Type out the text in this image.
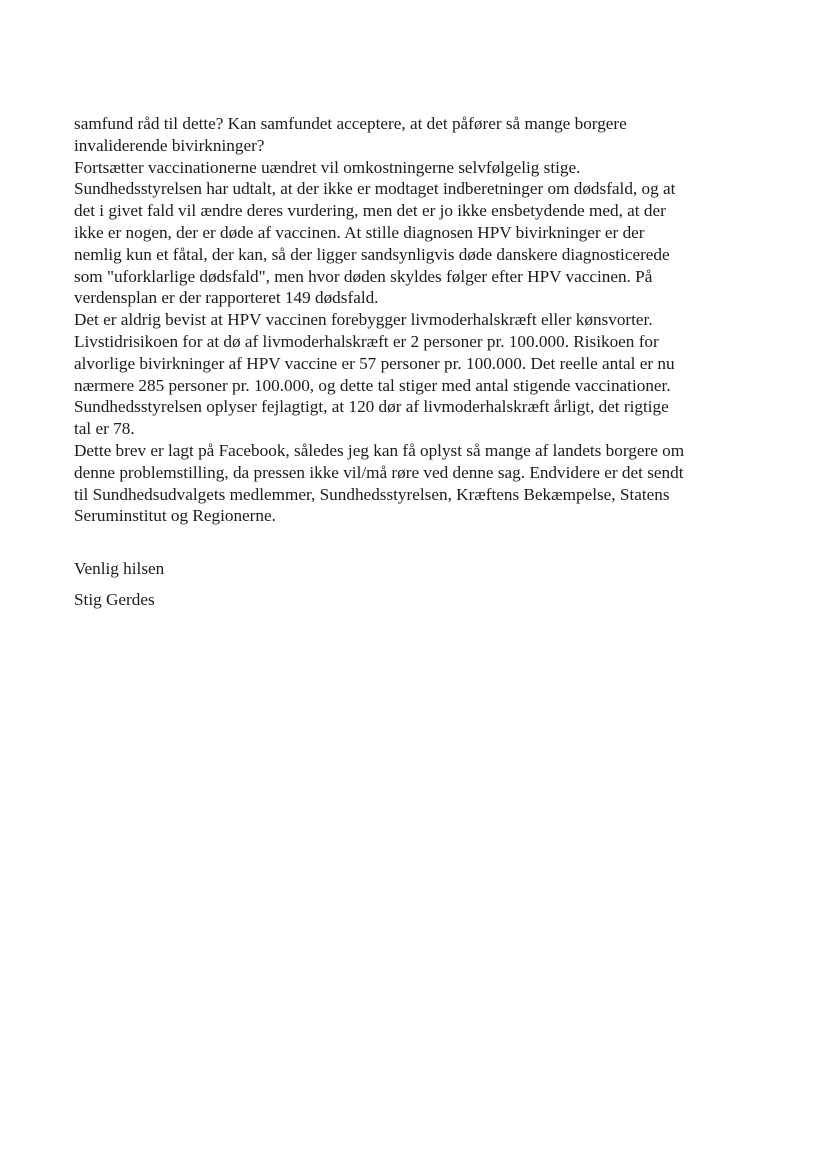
samfund råd til dette? Kan samfundet acceptere, at det påfører så mange borgere
invaliderende bivirkninger?
Fortsætter vaccinationerne uændret vil omkostningerne selvfølgelig stige.
Sundhedsstyrelsen har udtalt, at der ikke er modtaget indberetninger om dødsfald, og at
det i givet fald vil ændre deres vurdering, men det er jo ikke ensbetydende med, at der
ikke er nogen, der er døde af vaccinen. At stille diagnosen HPV bivirkninger er der
nemlig kun et fåtal, der kan, så der ligger sandsynligvis døde danskere diagnosticerede
som "uforklarlige dødsfald", men hvor døden skyldes følger efter HPV vaccinen. På
verdensplan er der rapporteret 149 dødsfald.
Det er aldrig bevist at HPV vaccinen forebygger livmoderhalskræft eller kønsvorter.
Livstidrisikoen for at dø af livmoderhalskræft er 2 personer pr. 100.000. Risikoen for
alvorlige bivirkninger af HPV vaccine er 57 personer pr. 100.000. Det reelle antal er nu
nærmere 285 personer pr. 100.000, og dette tal stiger med antal stigende vaccinationer.
Sundhedsstyrelsen oplyser fejlagtigt, at 120 dør af livmoderhalskræft årligt, det rigtige
tal er 78.
Dette brev er lagt på Facebook, således jeg kan få oplyst så mange af landets borgere om
denne problemstilling, da pressen ikke vil/må røre ved denne sag. Endvidere er det sendt
til Sundhedsudvalgets medlemmer, Sundhedsstyrelsen, Kræftens Bekæmpelse, Statens
Seruminstitut og Regionerne.
Venlig hilsen
Stig Gerdes
